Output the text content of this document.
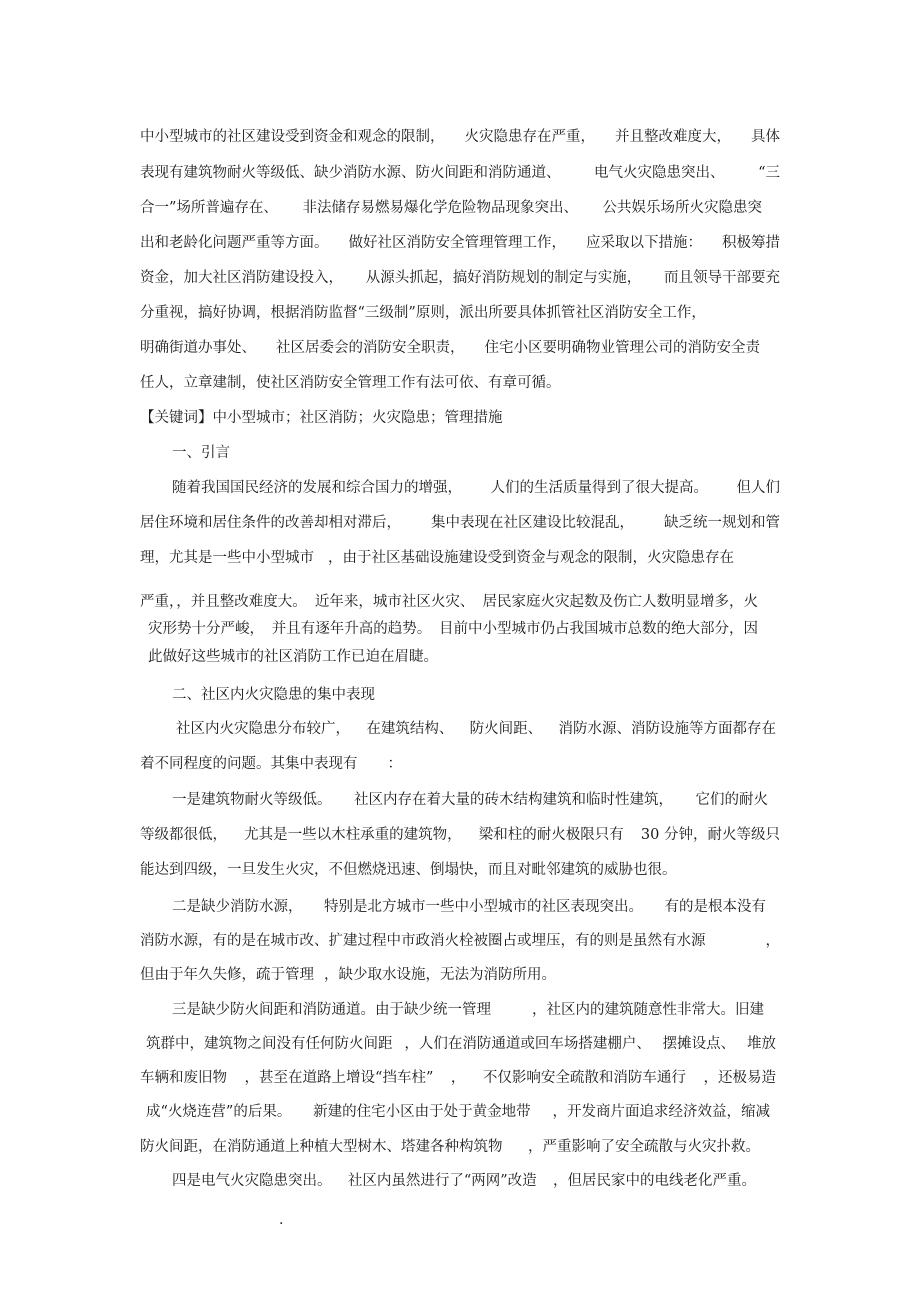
中小型城市的社区建设受到资金和观念的限制， 火灾隐患存在严重， 并且整改难度大， 具体
表现有建筑物耐火等级低、缺少消防水源、防火间距和消防通道、 电气火灾隐患突出、 “三
合一”场所普遍存在、 非法储存易燃易爆化学危险物品现象突出、 公共娱乐场所火灾隐患突
出和老龄化问题严重等方面。 做好社区消防安全管理管理工作， 应采取以下措施： 积极筹措
资金，加大社区消防建设投入， 从源头抓起，搞好消防规划的制定与实施， 而且领导干部要充
分重视，搞好协调，根据消防监督“三级制”原则，派出所要具体抓管社区消防安全工作，
明确街道办事处、 社区居委会的消防安全职责， 住宅小区要明确物业管理公司的消防安全责
任人，立章建制，使社区消防安全管理工作有法可依、有章可循。
【关键词】中小型城市；社区消防；火灾隐患；管理措施
一、引言
随着我国国民经济的发展和综合国力的增强， 人们的生活质量得到了很大提高。 但人们
居住环境和居住条件的改善却相对滞后， 集中表现在社区建设比较混乱， 缺乏统一规划和管
理，尤其是一些中小型城市 ，由于社区基础设施建设受到资金与观念的限制，火灾隐患存在
严重，，并且整改难度大。 近年来，城市社区火灾、 居民家庭火灾起数及伤亡人数明显增多，火
灾形势十分严峻， 并且有逐年升高的趋势。 目前中小型城市仍占我国城市总数的绝大部分，因
此做好这些城市的社区消防工作已迫在眉睫。
二、社区内火灾隐患的集中表现
社区内火灾隐患分布较广， 在建筑结构、 防火间距、 消防水源、消防设施等方面都存在
着不同程度的问题。其集中表现有 ：
一是建筑物耐火等级低。 社区内存在着大量的砖木结构建筑和临时性建筑， 它们的耐火
等级都很低， 尤其是一些以木柱承重的建筑物， 梁和柱的耐火极限只有 30 分钟，耐火等级只
能达到四级，一旦发生火灾，不但燃烧迅速、倒塌快，而且对毗邻建筑的威胁也很。
二是缺少消防水源， 特别是北方城市一些中小型城市的社区表现突出。 有的是根本没有
消防水源，有的是在城市改、扩建过程中市政消火栓被圈占或埋压，有的则是虽然有水源	，
但由于年久失修，疏于管理 ，缺少取水设施，无法为消防所用。
三是缺少防火间距和消防通道。由于缺少统一管理	，社区内的建筑随意性非常大。旧建
筑群中，建筑物之间没有任何防火间距 ，人们在消防通道或回车场搭建棚户、 摆摊设点、 堆放
车辆和废旧物 ，甚至在道路上增设“挡车柱” ， 不仅影响安全疏散和消防车通行 ，还极易造
成“火烧连营”的后果。 新建的住宅小区由于处于黄金地带 ，开发商片面追求经济效益，缩减
防火间距，在消防通道上种植大型树木、塔建各种构筑物 ，严重影响了安全疏散与火灾扑救。
四是电气火灾隐患突出。 社区内虽然进行了“两网”改造 ，但居民家中的电线老化严重。
.
